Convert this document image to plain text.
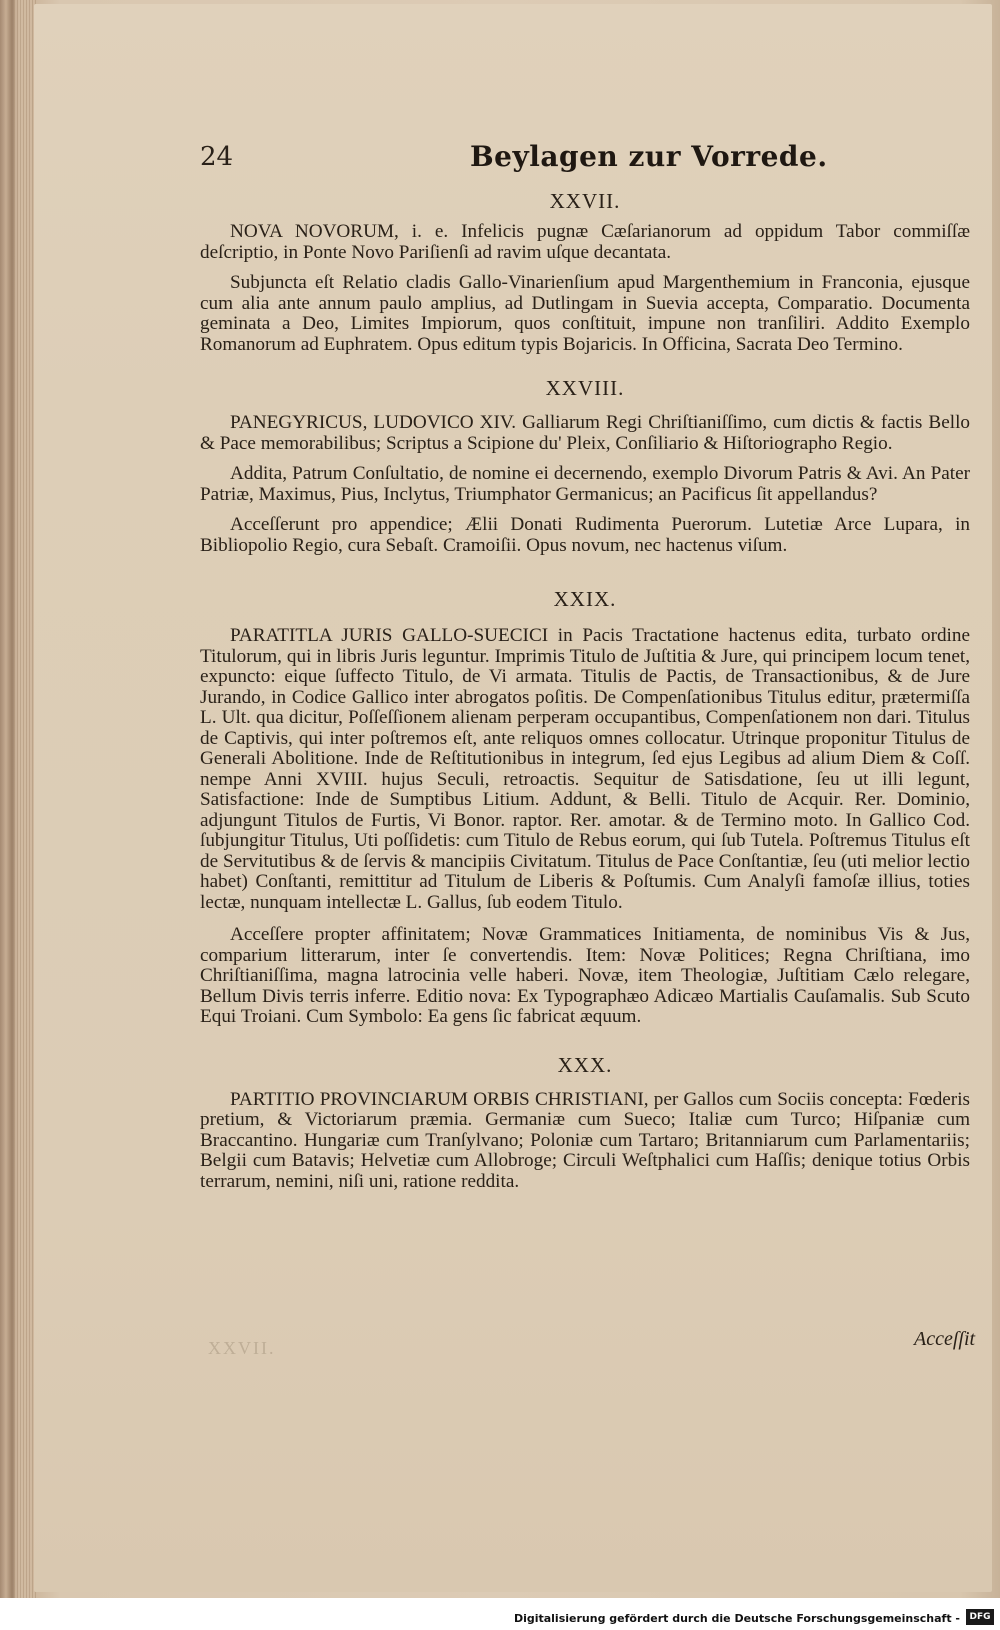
24	Beylagen zur Vorrede.
XXVII.

NOVA NOVORUM, i. e. Infelicis pugnæ Cæſarianorum ad oppidum Tabor commiſſæ deſcriptio, in Ponte Novo Pariſienſi ad ravim uſque decantata.

Subjuncta eſt Relatio cladis Gallo-Vinarienſium apud Margenthemium in Franconia, ejusque cum alia ante annum paulo amplius, ad Dutlingam in Suevia accepta, Comparatio. Documenta geminata a Deo, Limites Impiorum, quos conſtituit, impune non tranſiliri. Addito Exemplo Romanorum ad Euphratem. Opus editum typis Bojaricis. In Officina, Sacrata Deo Termino.

XXVIII.

PANEGYRICUS, LUDOVICO XIV. Galliarum Regi Chriſtianiſſimo, cum dictis & factis Bello & Pace memorabilibus; Scriptus a Scipione du' Pleix, Conſiliario & Hiſtoriographo Regio.

Addita, Patrum Conſultatio, de nomine ei decernendo, exemplo Divorum Patris & Avi. An Pater Patriæ, Maximus, Pius, Inclytus, Triumphator Germanicus; an Pacificus ſit appellandus?

Acceſſerunt pro appendice; Ælii Donati Rudimenta Puerorum. Lutetiæ Arce Lupara, in Bibliopolio Regio, cura Sebaſt. Cramoiſii. Opus novum, nec hactenus viſum.

XXIX.

PARATITLA JURIS GALLO-SUECICI in Pacis Tractatione hactenus edita, turbato ordine Titulorum, qui in libris Juris leguntur. Imprimis Titulo de Juſtitia & Jure, qui principem locum tenet, expuncto: eique ſuffecto Titulo, de Vi armata. Titulis de Pactis, de Transactionibus, & de Jure Jurando, in Codice Gallico inter abrogatos poſitis. De Compenſationibus Titulus editur, prætermiſſa L. Ult. qua dicitur, Poſſeſſionem alienam perperam occupantibus, Compenſationem non dari. Titulus de Captivis, qui inter poſtremos eſt, ante reliquos omnes collocatur. Utrinque proponitur Titulus de Generali Abolitione. Inde de Reſtitutionibus in integrum, ſed ejus Legibus ad alium Diem & Coſſ. nempe Anni XVIII. hujus Seculi, retroactis. Sequitur de Satisdatione, ſeu ut illi legunt, Satisfactione: Inde de Sumptibus Litium. Addunt, & Belli. Titulo de Acquir. Rer. Dominio, adjungunt Titulos de Furtis, Vi Bonor. raptor. Rer. amotar. & de Termino moto. In Gallico Cod. ſubjungitur Titulus, Uti poſſidetis: cum Titulo de Rebus eorum, qui ſub Tutela. Poſtremus Titulus eſt de Servitutibus & de ſervis & mancipiis Civitatum. Titulus de Pace Conſtantiæ, ſeu (uti melior lectio habet) Conſtanti, remittitur ad Titulum de Liberis & Poſtumis. Cum Analyſi famoſæ illius, toties lectæ, nunquam intellectæ L. Gallus, ſub eodem Titulo.

Acceſſere propter affinitatem; Novæ Grammatices Initiamenta, de nominibus Vis & Jus, comparium litterarum, inter ſe convertendis. Item: Novæ Politices; Regna Chriſtiana, imo Chriſtianiſſima, magna latrocinia velle haberi. Novæ, item Theologiæ, Juſtitiam Cælo relegare, Bellum Divis terris inferre. Editio nova: Ex Typographæo Adicæo Martialis Cauſamalis. Sub Scuto Equi Troiani. Cum Symbolo: Ea gens ſic fabricat æquum.

XXX.

PARTITIO PROVINCIARUM ORBIS CHRISTIANI, per Gallos cum Sociis concepta: Fœderis pretium, & Victoriarum præmia. Germaniæ cum Sueco; Italiæ cum Turco; Hiſpaniæ cum Braccantino. Hungariæ cum Tranſylvano; Poloniæ cum Tartaro; Britanniarum cum Parlamentariis; Belgii cum Batavis; Helvetiæ cum Allobroge; Circuli Weſtphalici cum Haſſis; denique totius Orbis terrarum, nemini, niſi uni, ratione reddita.

XXVII.	Acceſſit
Digitalisierung gefördert durch die Deutsche Forschungsgemeinschaft -	DFG
